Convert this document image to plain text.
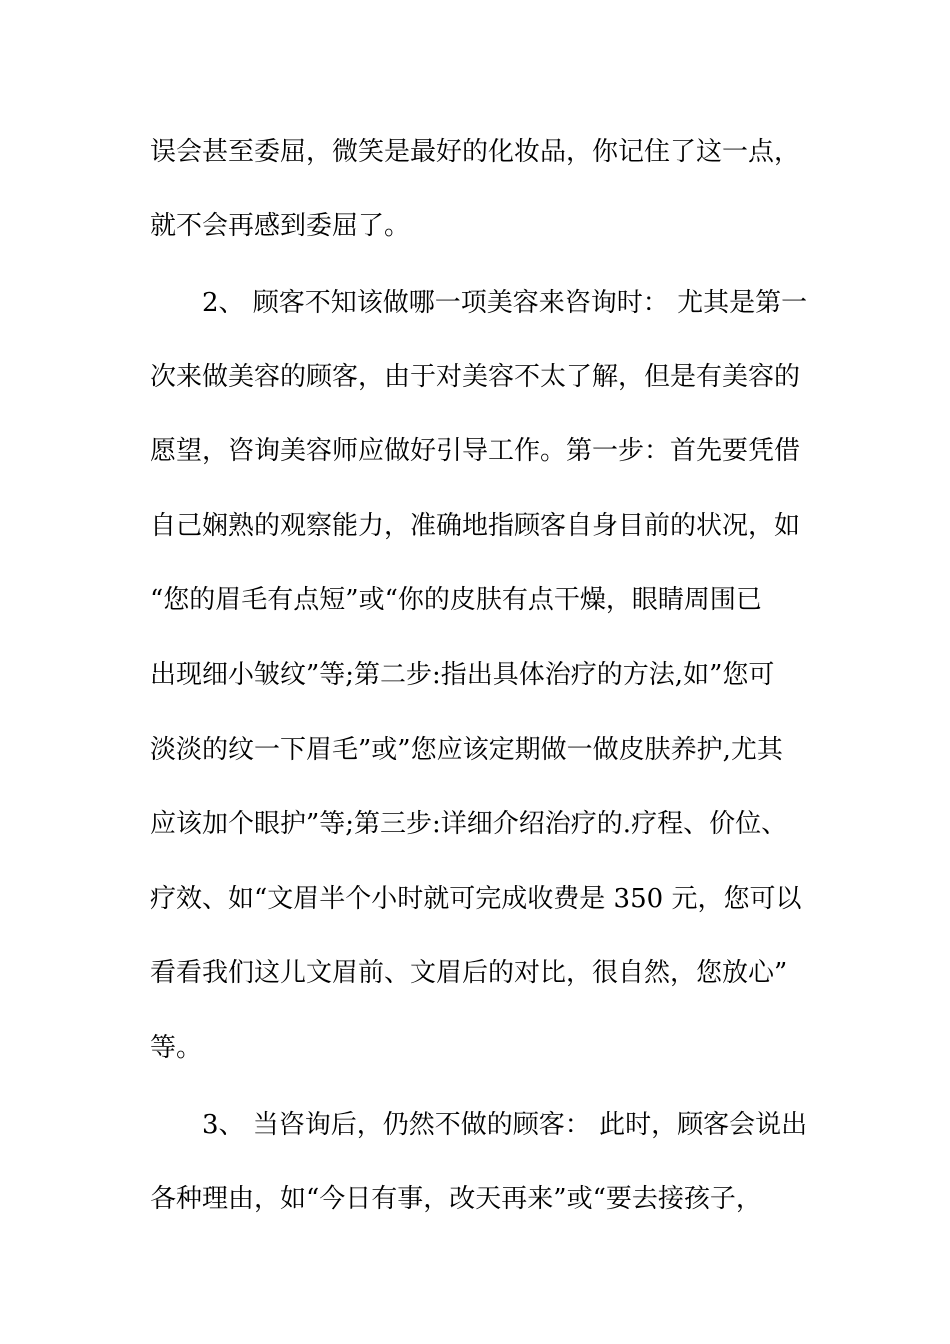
误会甚至委屈，微笑是最好的化妆品，你记住了这一点，
就不会再感到委屈了。
2、 顾客不知该做哪一项美容来咨询时： 尤其是第一
次来做美容的顾客，由于对美容不太了解，但是有美容的
愿望，咨询美容师应做好引导工作。第一步：首先要凭借
自己娴熟的观察能力，准确地指顾客自身目前的状况，如
“您的眉毛有点短”或“你的皮肤有点干燥，眼睛周围已
出现细小皱纹”等;第二步:指出具体治疗的方法,如”您可
淡淡的纹一下眉毛”或”您应该定期做一做皮肤养护,尤其
应该加个眼护”等;第三步:详细介绍治疗的.疗程、价位、
疗效、如“文眉半个小时就可完成收费是 350 元，您可以
看看我们这儿文眉前、文眉后的对比，很自然，您放心”
等。
3、 当咨询后，仍然不做的顾客： 此时，顾客会说出
各种理由，如“今日有事，改天再来”或“要去接孩子，
